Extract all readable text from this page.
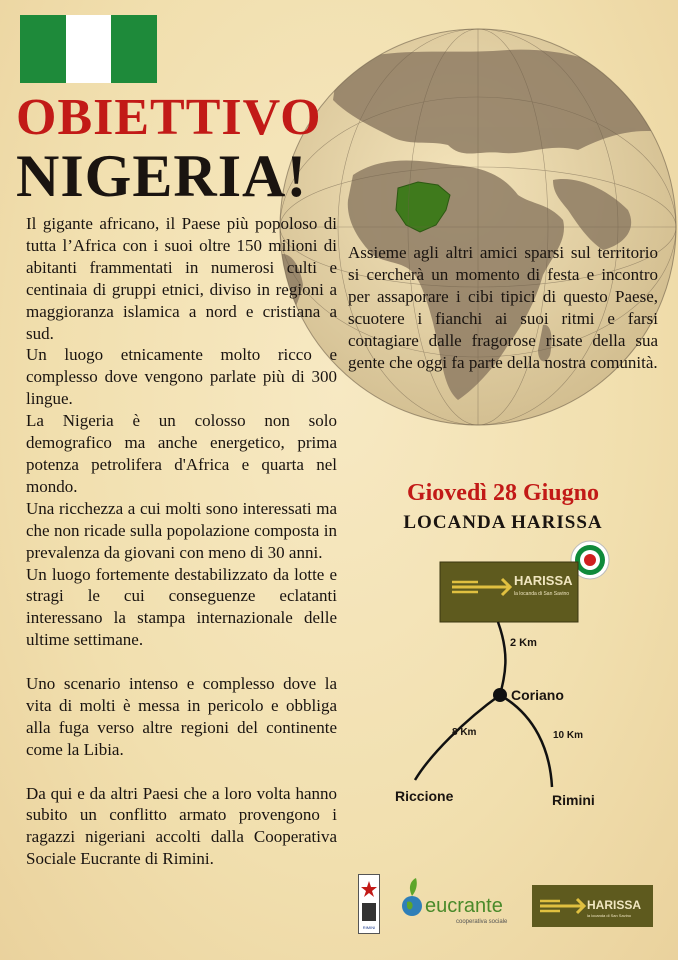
OBIETTIVO
NIGERIA!

Il gigante africano, il Paese più popoloso di tutta l’Africa con i suoi oltre 150 milioni di abitanti frammentati in numerosi culti e centinaia di gruppi etnici, diviso in regioni a maggioranza islamica a nord e cristiana a sud.

Un luogo etnicamente molto ricco e complesso dove vengono parlate più di 300 lingue.

La Nigeria è un colosso non solo demografico ma anche energetico, prima potenza petrolifera d'Africa e quarta nel mondo.

Una ricchezza a cui molti sono interessati ma che non ricade sulla popolazione composta in prevalenza da giovani con meno di 30 anni.

Un luogo fortemente destabilizzato da lotte e stragi le cui conseguenze eclatanti interessano la stampa internazionale delle ultime settimane.

Uno scenario intenso e complesso dove la vita di molti è messa in pericolo e obbliga alla fuga verso altre regioni del continente come la Libia.

Da qui e da altri Paesi che a loro volta hanno subito un conflitto armato provengono i ragazzi nigeriani accolti dalla Cooperativa Sociale Eucrante di Rimini.

Assieme agli altri amici sparsi sul territorio si cercherà un momento di festa e incontro per assaporare i cibi tipici di questo Paese, scuotere i fianchi ai suoi ritmi e farsi contagiare dalle fragorose risate della sua gente che oggi fa parte della nostra comunità.

Giovedì 28 Giugno

LOCANDA HARISSA

HARISSA
la locanda di San Savino
2 Km
Coriano
8 Km	10 Km
Riccione	Rimini
RIMINI
eucrante
cooperativa sociale
HARISSA
la locanda di San Savino
